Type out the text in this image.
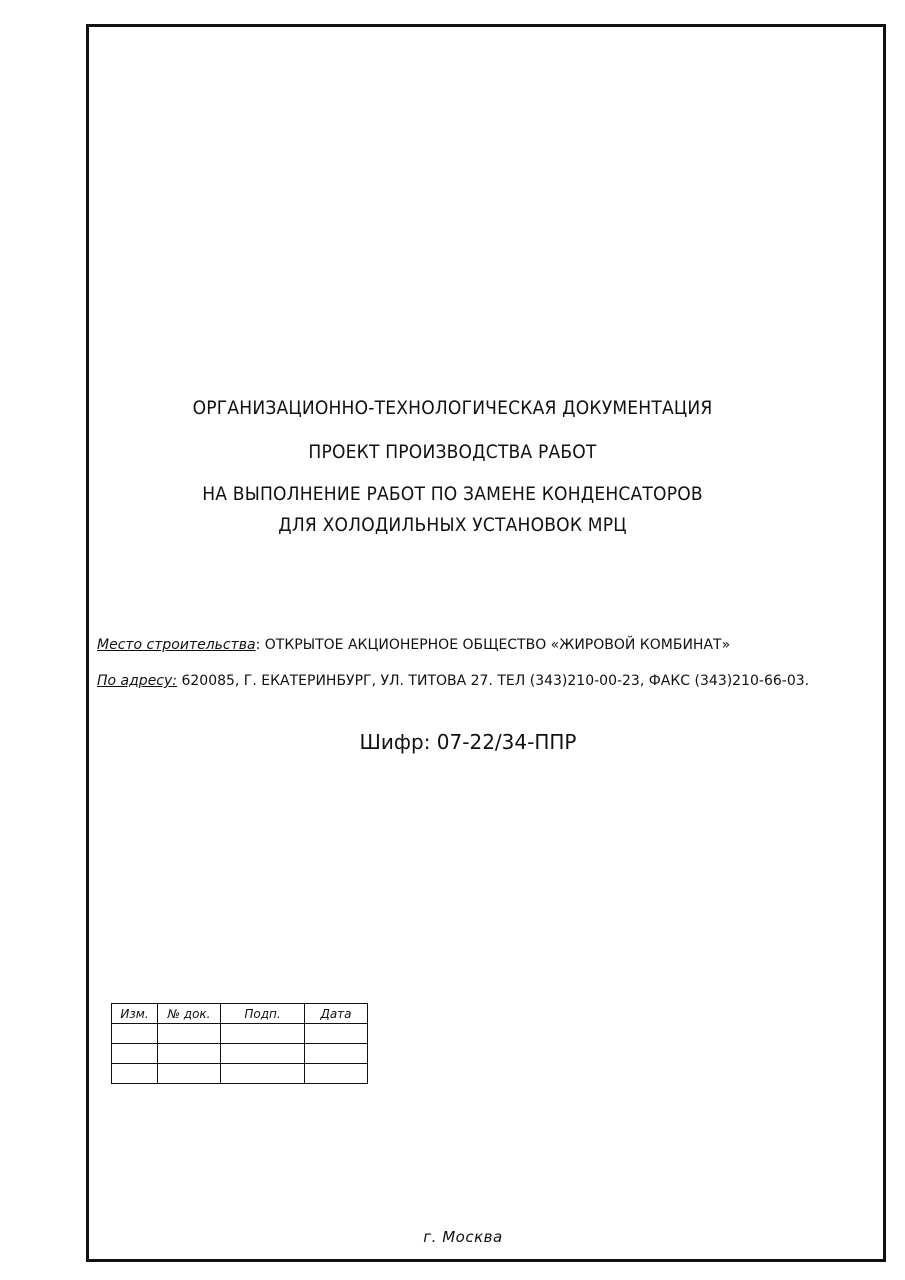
ОРГАНИЗАЦИОННО-ТЕХНОЛОГИЧЕСКАЯ ДОКУМЕНТАЦИЯ
ПРОЕКТ ПРОИЗВОДСТВА РАБОТ
НА ВЫПОЛНЕНИЕ РАБОТ ПО ЗАМЕНЕ КОНДЕНСАТОРОВ
ДЛЯ ХОЛОДИЛЬНЫХ УСТАНОВОК МРЦ
Место строительства: ОТКРЫТОЕ АКЦИОНЕРНОЕ ОБЩЕСТВО «ЖИРОВОЙ КОМБИНАТ»
По адресу: 620085, Г. ЕКАТЕРИНБУРГ, УЛ. ТИТОВА 27. ТЕЛ (343)210-00-23, ФАКС (343)210-66-03.
Шифр: 07-22/34-ППР
Изм.	№ док.	Подп.	Дата

г. Москва
